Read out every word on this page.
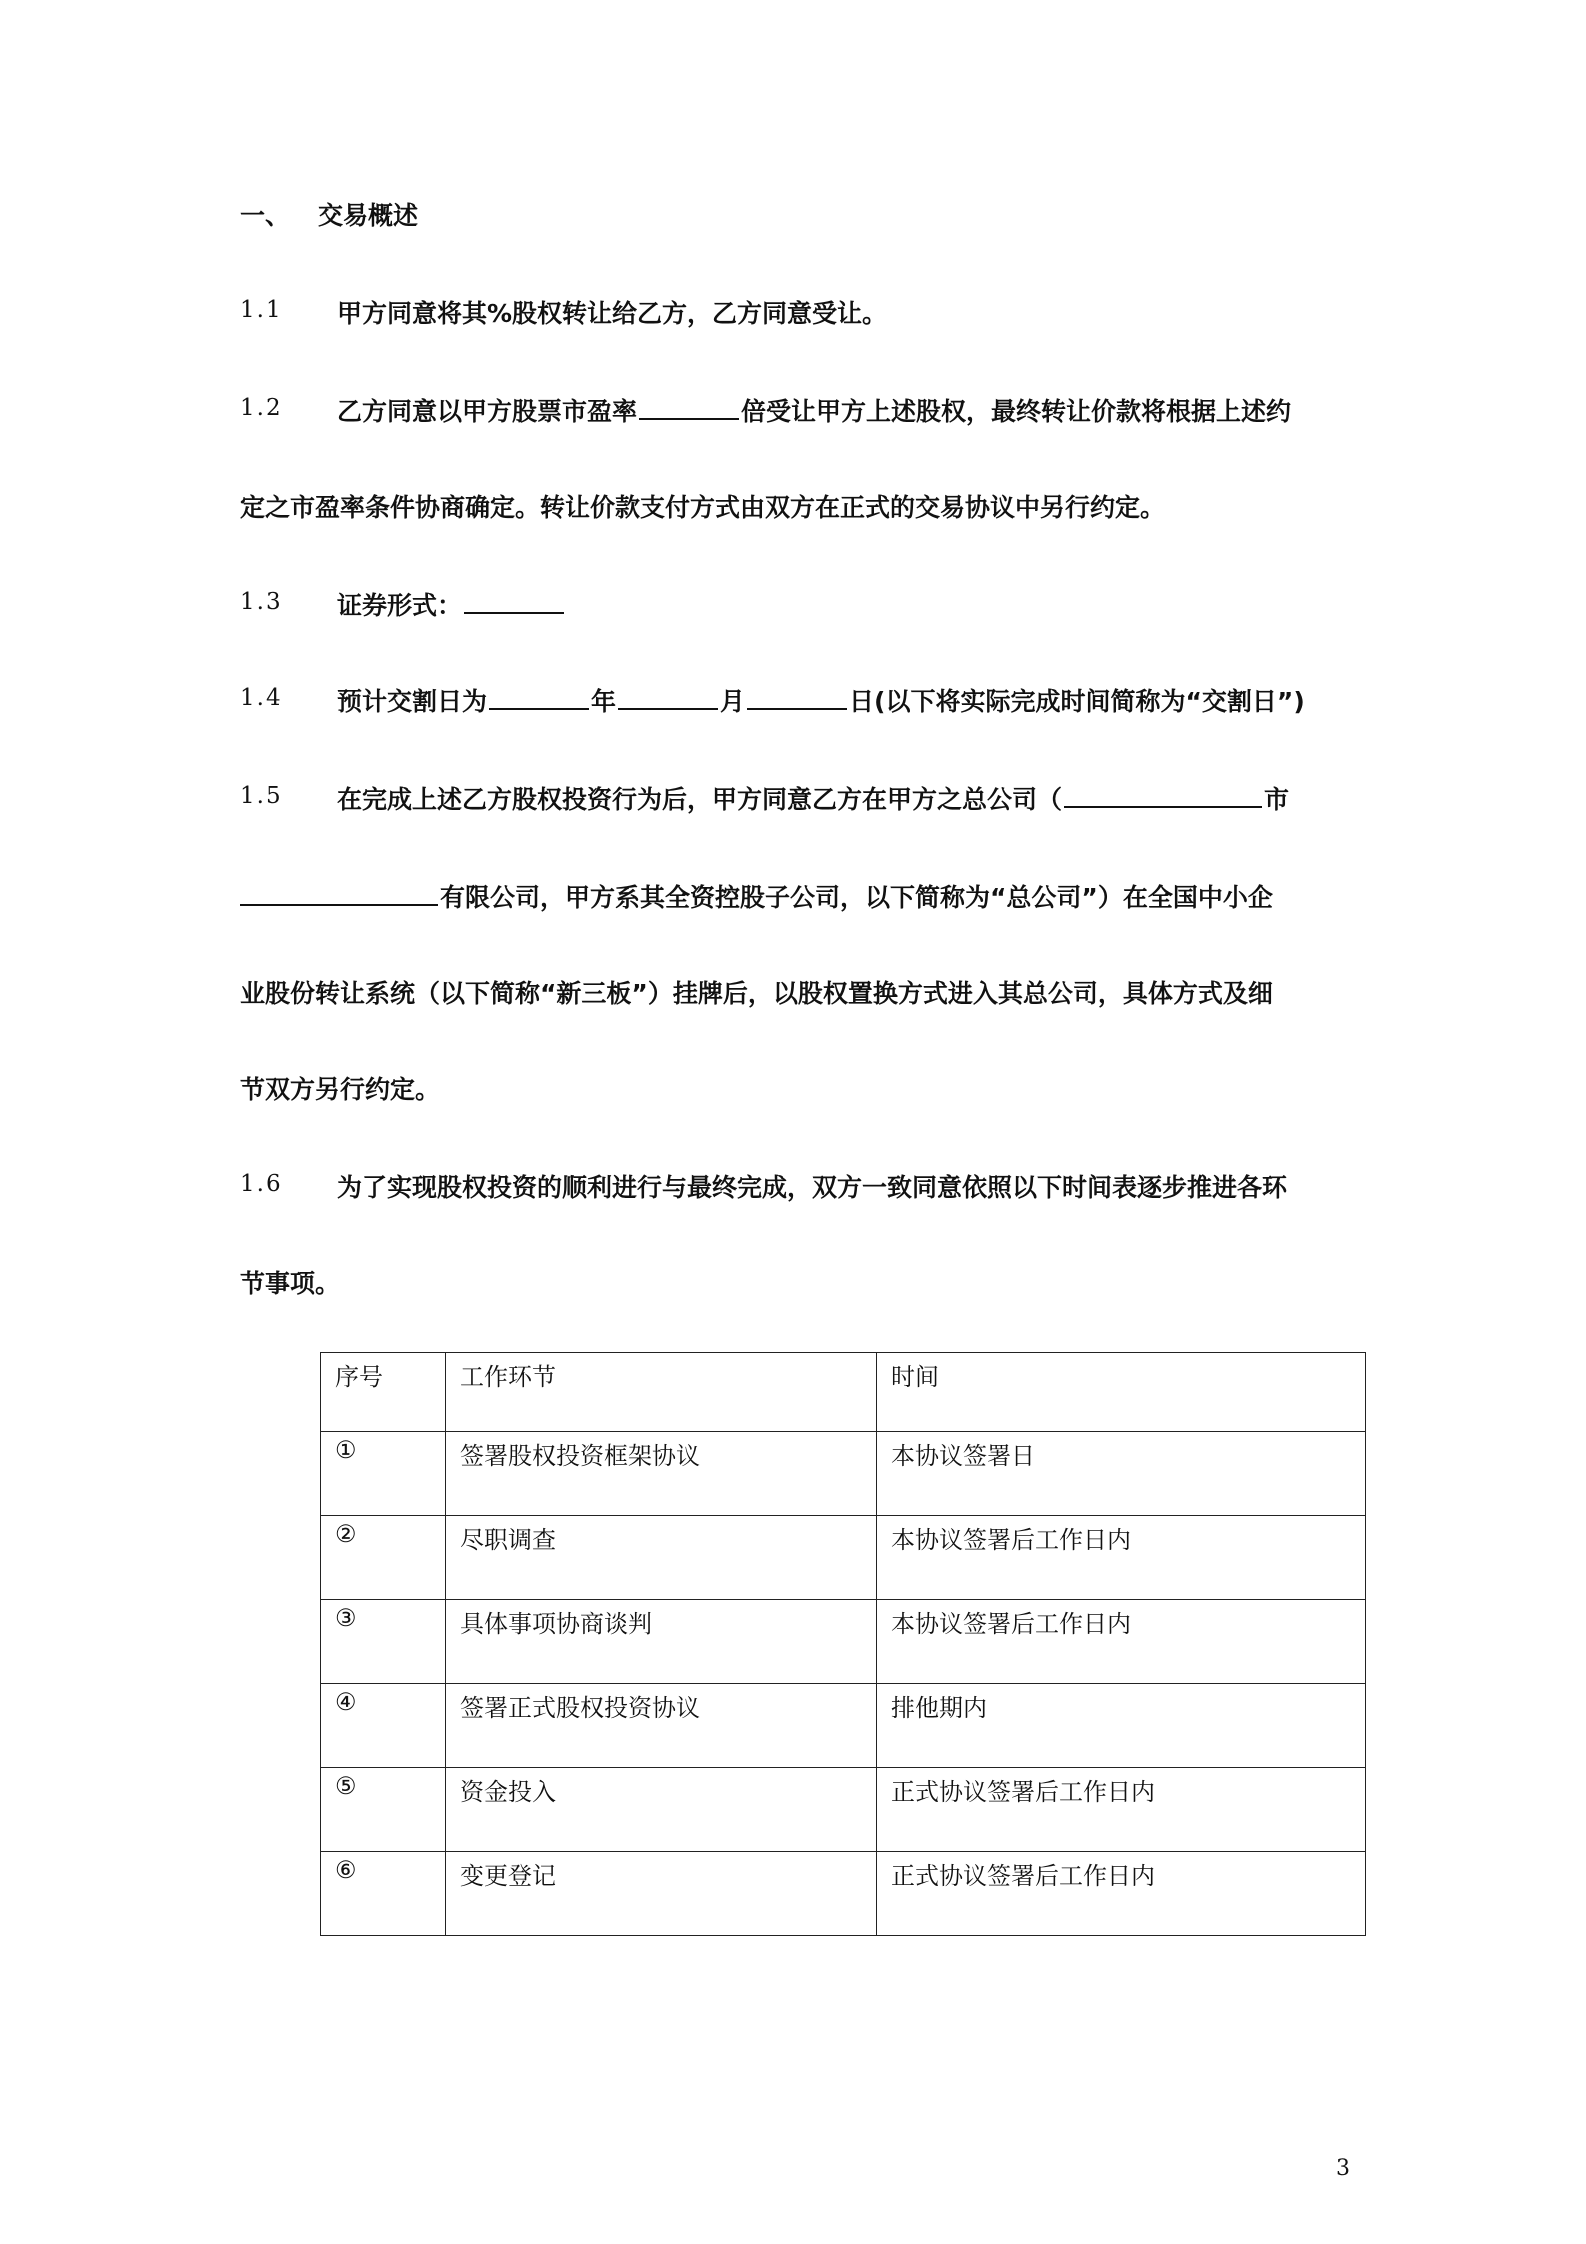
一、 交易概述
1.1 甲方同意将其%股权转让给乙方，乙方同意受让。
1.2 乙方同意以甲方股票市盈率	倍受让甲方上述股权，最终转让价款将根据上述约
定之市盈率条件协商确定。转让价款支付方式由双方在正式的交易协议中另行约定。
1.3 证券形式：
1.4 预计交割日为	年	月	日(以下将实际完成时间简称为“交割日”)
1.5 在完成上述乙方股权投资行为后，甲方同意乙方在甲方之总公司（	市
有限公司，甲方系其全资控股子公司，以下简称为“总公司”）在全国中小企
业股份转让系统（以下简称“新三板”）挂牌后，以股权置换方式进入其总公司，具体方式及细
节双方另行约定。
1.6 为了实现股权投资的顺利进行与最终完成，双方一致同意依照以下时间表逐步推进各环
节事项。
序号	工作环节	时间
①	签署股权投资框架协议	本协议签署日
②	尽职调查	本协议签署后工作日内
③	具体事项协商谈判	本协议签署后工作日内
④	签署正式股权投资协议	排他期内
⑤	资金投入	正式协议签署后工作日内
⑥	变更登记	正式协议签署后工作日内
3
